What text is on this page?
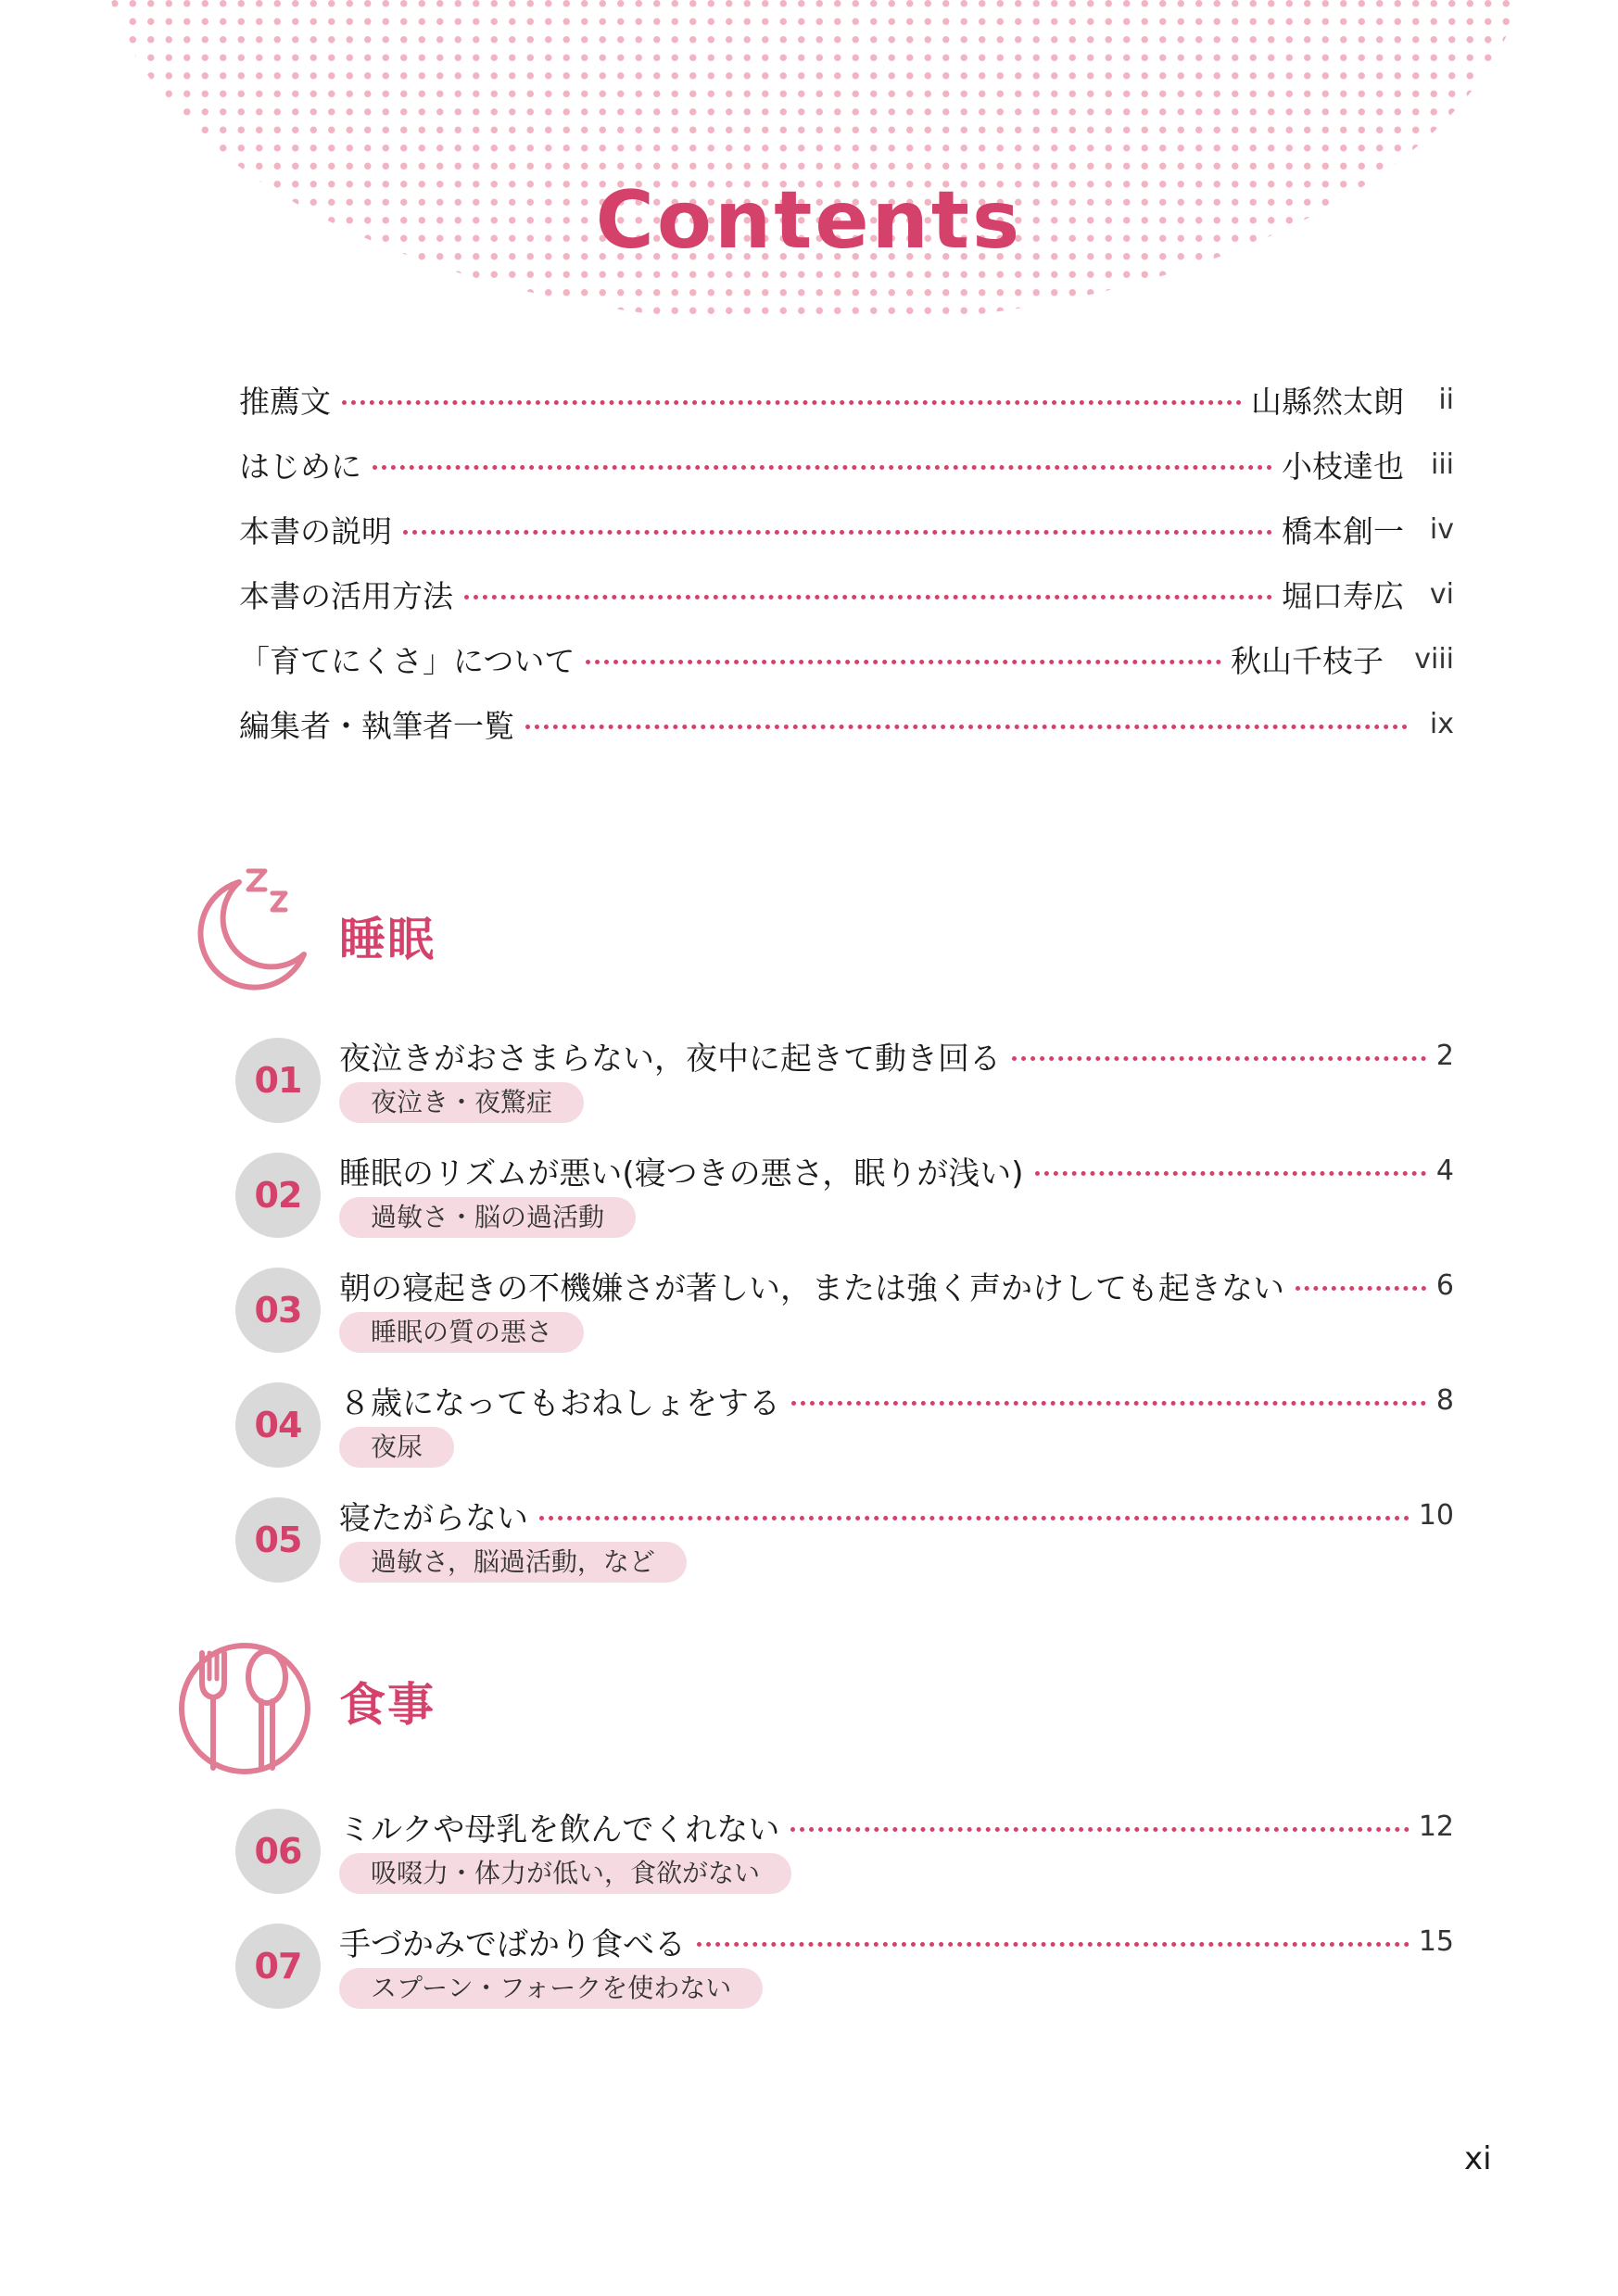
Contents
推薦文	山縣然太朗	ii
はじめに	小枝達也 iii
本書の説明	橋本創一 iv
本書の活用方法	堀口寿広 vi
「育てにくさ」について	秋山千枝子	viii
編集者・執筆者一覧	ix
睡眠
01
夜泣きがおさまらない，夜中に起きて動き回る	2
夜泣き・夜驚症
02
睡眠のリズムが悪い(寝つきの悪さ，眠りが浅い)	4
過敏さ・脳の過活動
03
朝の寝起きの不機嫌さが著しい，または強く声かけしても起きない	6
睡眠の質の悪さ
04
８歳になってもおねしょをする	8
夜尿
05
寝たがらない	10
過敏さ，脳過活動，など
食事
06
ミルクや母乳を飲んでくれない	12
吸啜力・体力が低い，食欲がない
07
手づかみでばかり食べる	15
スプーン・フォークを使わない
xi
